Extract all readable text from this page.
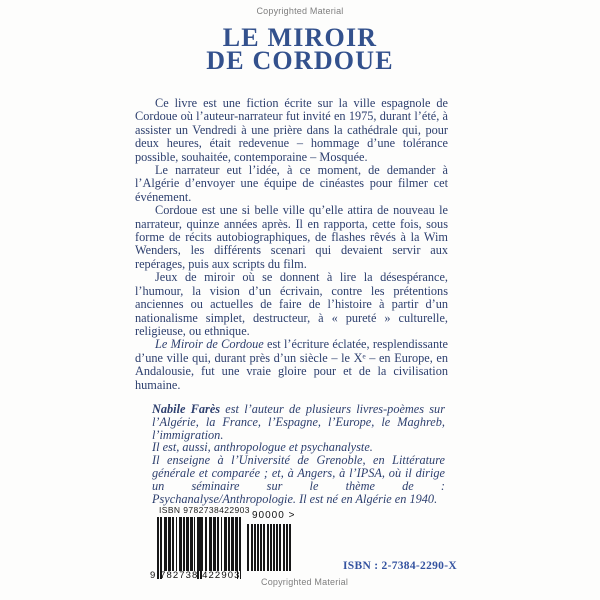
Copyrighted Material
LE MIROIR
DE CORDOUE

Ce livre est une fiction écrite sur la ville espagnole de Cordoue où l’auteur-narrateur fut invité en 1975, durant l’été, à assister un Vendredi à une prière dans la cathédrale qui, pour deux heures, était redevenue – hommage d’une tolérance possible, souhaitée, contemporaine – Mosquée.

Le narrateur eut l’idée, à ce moment, de demander à l’Algérie d’envoyer une équipe de cinéastes pour filmer cet événement.

Cordoue est une si belle ville qu’elle attira de nouveau le narrateur, quinze années après. Il en rapporta, cette fois, sous forme de récits autobiographiques, de flashes rêvés à la Wim Wenders, les différents scenari qui devaient servir aux repérages, puis aux scripts du film.

Jeux de miroir où se donnent à lire la désespérance, l’humour, la vision d’un écrivain, contre les prétentions anciennes ou actuelles de faire de l’histoire à partir d’un nationalisme simplet, destructeur, à « pureté » culturelle, religieuse, ou ethnique.

Le Miroir de Cordoue est l’écriture éclatée, resplendissante d’une ville qui, durant près d’un siècle – le Xᵉ – en Europe, en Andalousie, fut une vraie gloire pour et de la civilisation humaine.

Nabile Farès est l’auteur de plusieurs livres-poèmes sur l’Algérie, la France, l’Espagne, l’Europe, le Maghreb, l’immigration.

Il est, aussi, anthropologue et psychanalyste.

Il enseigne à l’Université de Grenoble, en Littérature générale et comparée ; et, à Angers, à l’IPSA, où il dirige un séminaire sur le thème de : Psychanalyse/Anthropologie. Il est né en Algérie en 1940.

ISBN 9782738422903
9 782738 422903
90000 >
Copyrighted Material
ISBN : 2-7384-2290-X
